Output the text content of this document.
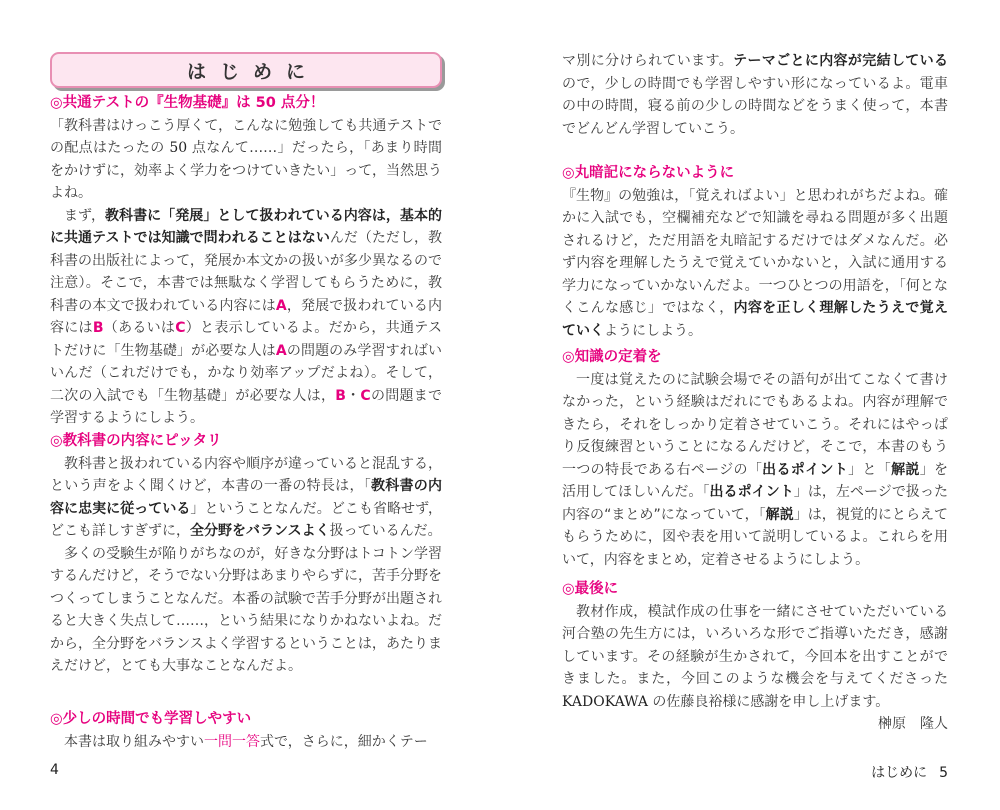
はじめに
◎共通テストの『生物基礎』は 50 点分！
「教科書はけっこう厚くて，こんなに勉強しても共通テストでの配点はたったの 50 点なんて……」だったら，「あまり時間をかけずに，効率よく学力をつけていきたい」って，当然思うよね。
まず，教科書に「発展」として扱われている内容は，基本的に共通テストでは知識で問われることはないんだ（ただし，教科書の出版社によって，発展か本文かの扱いが多少異なるので注意）。そこで，本書では無駄なく学習してもらうために，教科書の本文で扱われている内容にはA，発展で扱われている内容にはB（あるいはC）と表示しているよ。だから，共通テストだけに「生物基礎」が必要な人はAの問題のみ学習すればいいんだ（これだけでも，かなり効率アップだよね）。そして，二次の入試でも「生物基礎」が必要な人は，B・Cの問題まで学習するようにしよう。
◎教科書の内容にピッタリ
教科書と扱われている内容や順序が違っていると混乱する，という声をよく聞くけど，本書の一番の特長は，「教科書の内容に忠実に従っている」ということなんだ。どこも省略せず，どこも詳しすぎずに，全分野をバランスよく扱っているんだ。
多くの受験生が陥りがちなのが，好きな分野はトコトン学習するんだけど，そうでない分野はあまりやらずに，苦手分野をつくってしまうことなんだ。本番の試験で苦手分野が出題されると大きく失点して……，という結果になりかねないよね。だから，全分野をバランスよく学習するということは，あたりまえだけど，とても大事なことなんだよ。
◎少しの時間でも学習しやすい
本書は取り組みやすい一問一答式で，さらに，細かくテー
4
マ別に分けられています。テーマごとに内容が完結しているので，少しの時間でも学習しやすい形になっているよ。電車の中の時間，寝る前の少しの時間などをうまく使って，本書でどんどん学習していこう。
◎丸暗記にならないように
『生物』の勉強は，「覚えればよい」と思われがちだよね。確かに入試でも，空欄補充などで知識を尋ねる問題が多く出題されるけど，ただ用語を丸暗記するだけではダメなんだ。必ず内容を理解したうえで覚えていかないと，入試に通用する学力になっていかないんだよ。一つひとつの用語を，「何となくこんな感じ」ではなく，内容を正しく理解したうえで覚えていくようにしよう。
◎知識の定着を
一度は覚えたのに試験会場でその語句が出てこなくて書けなかった，という経験はだれにでもあるよね。内容が理解できたら，それをしっかり定着させていこう。それにはやっぱり反復練習ということになるんだけど，そこで，本書のもう一つの特長である右ページの「出るポイント」と「解説」を活用してほしいんだ。「出るポイント」は，左ページで扱った内容の“まとめ”になっていて，「解説」は，視覚的にとらえてもらうために，図や表を用いて説明しているよ。これらを用いて，内容をまとめ，定着させるようにしよう。
◎最後に
教材作成，模試作成の仕事を一緒にさせていただいている河合塾の先生方には，いろいろな形でご指導いただき，感謝しています。その経験が生かされて，今回本を出すことができました。また，今回このような機会を与えてくださったKADOKAWA の佐藤良裕様に感謝を申し上げます。
榊原　隆人
はじめに 5
